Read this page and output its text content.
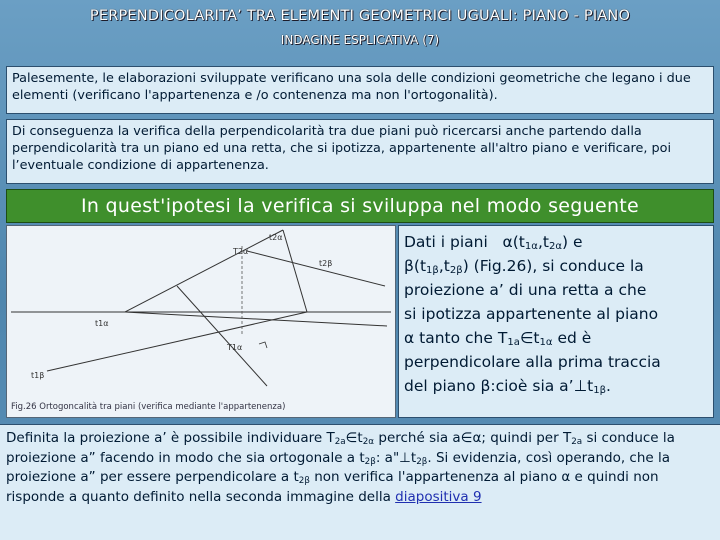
PERPENDICOLARITA’ TRA ELEMENTI GEOMETRICI UGUALI: PIANO - PIANO
INDAGINE ESPLICATIVA (7)
Palesemente, le elaborazioni sviluppate verificano una sola delle condizioni geometriche che legano i due elementi (verificano l'appartenenza e /o contenenza ma non l'ortogonalità).
Di conseguenza la verifica della perpendicolarità tra due piani può ricercarsi anche partendo dalla perpendicolarità tra un piano ed una retta, che si ipotizza, appartenente all'altro piano e verificare, poi l’eventuale condizione di appartenenza.
In quest'ipotesi la verifica si sviluppa nel modo seguente
t2α
t2β
T2α
t1α
T1α
t1β
Fig.26 Ortogoncalità tra piani (verifica mediante l'appartenenza)
Dati i piani $\alpha(t_{1\alpha},t_{2\alpha})$ e
$\beta(t_{1\beta},t_{2\beta})$ (Fig.26), si conduce la
proiezione a’ di una retta a che
si ipotizza appartenente al piano
α tanto che $T_{1a}\in t_{1\alpha}$ ed è
perpendicolare alla prima traccia
del piano β:cioè sia $a’\perp t_{1\beta}$.
Definita la proiezione a’ è possibile individuare $T_{2a}\in t_{2\alpha}$ perché sia a∈α; quindi per $T_{2a}$ si conduce la proiezione a” facendo in modo che sia ortogonale a $t_{2\beta}$: $a"\perp t_{2\beta}$. Si evidenzia, così operando, che la proiezione a” per essere perpendicolare a $t_{2\beta}$ non verifica l'appartenenza al piano α e quindi non risponde a quanto definito nella seconda immagine della diapositiva 9
